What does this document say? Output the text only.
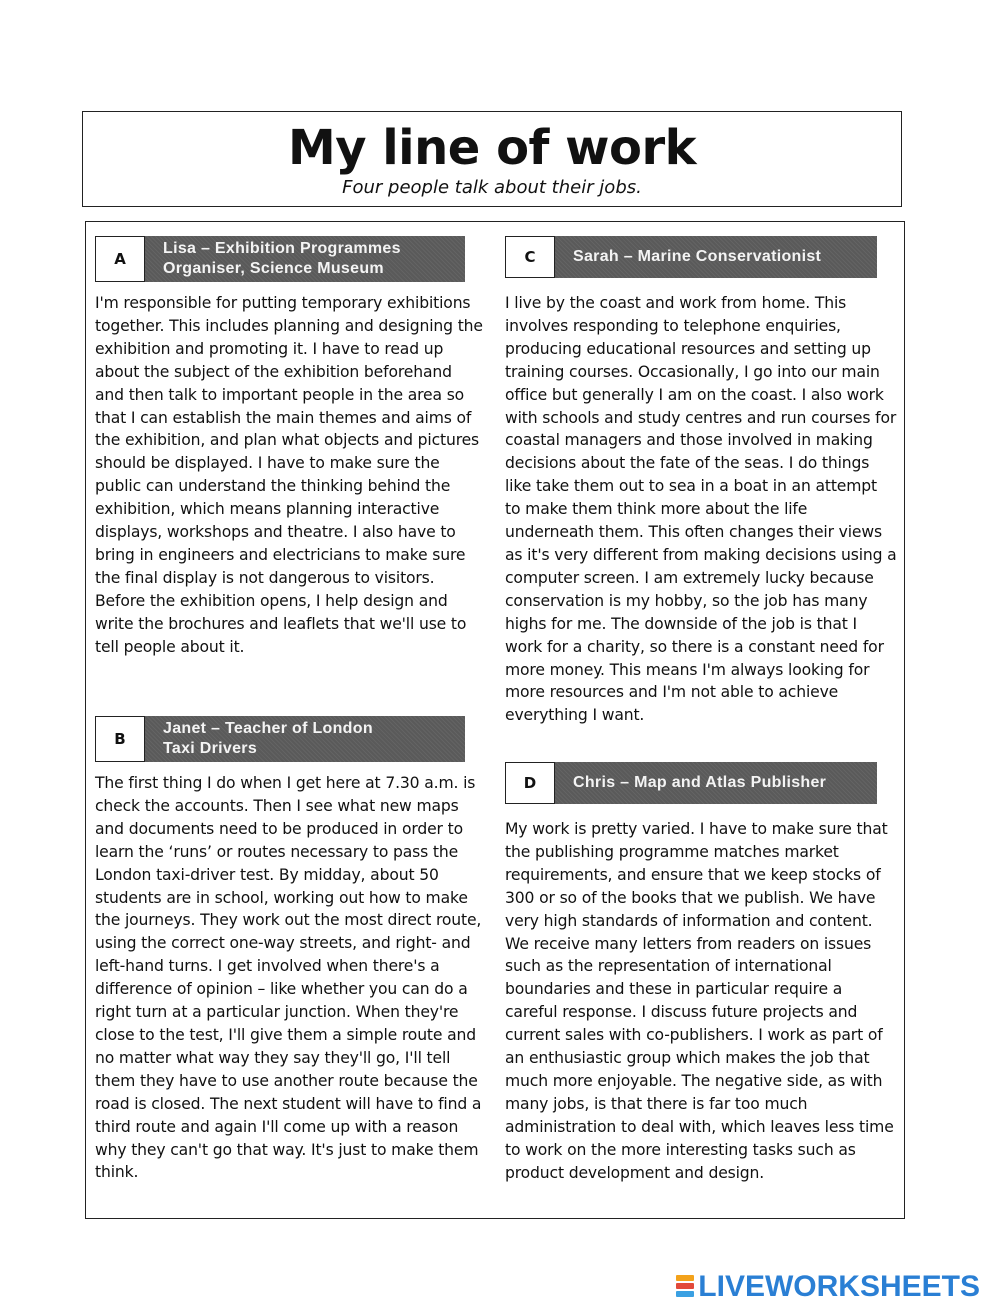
My line of work
Four people talk about their jobs.
A
Lisa – Exhibition Programmes
Organiser, Science Museum
I'm responsible for putting temporary exhibitions together. This includes planning and designing the exhibition and promoting it. I have to read up about the subject of the exhibition beforehand and then talk to important people in the area so that I can establish the main themes and aims of the exhibition, and plan what objects and pictures should be displayed. I have to make sure the public can understand the thinking behind the exhibition, which means planning interactive displays, workshops and theatre. I also have to bring in engineers and electricians to make sure the final display is not dangerous to visitors. Before the exhibition opens, I help design and write the brochures and leaflets that we'll use to tell people about it.
B
Janet – Teacher of London
Taxi Drivers
The first thing I do when I get here at 7.30 a.m. is check the accounts. Then I see what new maps and documents need to be produced in order to learn the ‘runs’ or routes necessary to pass the London taxi-driver test. By midday, about 50 students are in school, working out how to make the journeys. They work out the most direct route, using the correct one-way streets, and right- and left-hand turns. I get involved when there's a difference of opinion – like whether you can do a right turn at a particular junction. When they're close to the test, I'll give them a simple route and no matter what way they say they'll go, I'll tell them they have to use another route because the road is closed. The next student will have to find a third route and again I'll come up with a reason why they can't go that way. It's just to make them think.
C	Sarah – Marine Conservationist
I live by the coast and work from home. This involves responding to telephone enquiries, producing educational resources and setting up training courses. Occasionally, I go into our main office but generally I am on the coast. I also work with schools and study centres and run courses for coastal managers and those involved in making decisions about the fate of the seas. I do things like take them out to sea in a boat in an attempt to make them think more about the life underneath them. This often changes their views as it's very different from making decisions using a computer screen. I am extremely lucky because conservation is my hobby, so the job has many highs for me. The downside of the job is that I work for a charity, so there is a constant need for more money. This means I'm always looking for more resources and I'm not able to achieve everything I want.
D	Chris – Map and Atlas Publisher
My work is pretty varied. I have to make sure that the publishing programme matches market requirements, and ensure that we keep stocks of 300 or so of the books that we publish. We have very high standards of information and content. We receive many letters from readers on issues such as the representation of international boundaries and these in particular require a careful response. I discuss future projects and current sales with co-publishers. I work as part of an enthusiastic group which makes the job that much more enjoyable. The negative side, as with many jobs, is that there is far too much administration to deal with, which leaves less time to work on the more interesting tasks such as product development and design.
LIVEWORKSHEETS
